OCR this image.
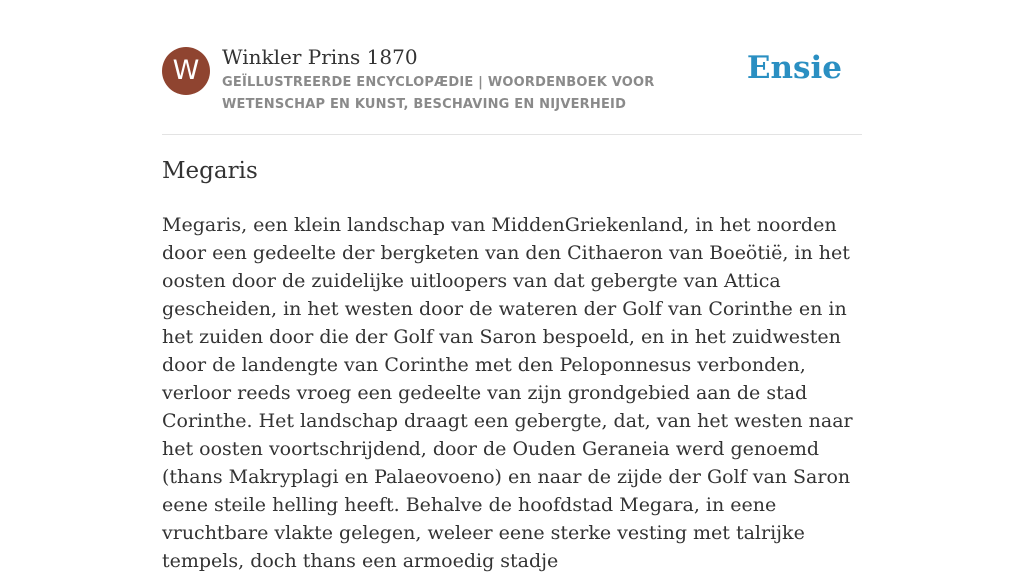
W	Winkler Prins 1870
GEÏLLUSTREERDE ENCYCLOPÆDIE | WOORDENBOEK VOOR WETENSCHAP EN KUNST, BESCHAVING EN NIJVERHEID
Ensie
Megaris

Megaris, een klein landschap van MiddenGriekenland, in het noorden door een gedeelte der bergketen van den Cithaeron van Boeötië, in het oosten door de zuidelijke uitloopers van dat gebergte van Attica gescheiden, in het westen door de wateren der Golf van Corinthe en in het zuiden door die der Golf van Saron bespoeld, en in het zuidwesten door de landengte van Corinthe met den Peloponnesus verbonden, verloor reeds vroeg een gedeelte van zijn grondgebied aan de stad Corinthe. Het landschap draagt een gebergte, dat, van het westen naar het oosten voortschrijdend, door de Ouden Geraneia werd genoemd (thans Makryplagi en Palaeovoeno) en naar de zijde der Golf van Saron eene steile helling heeft. Behalve de hoofdstad Megara, in eene vruchtbare vlakte gelegen, weleer eene sterke vesting met talrijke tempels, doch thans een armoedig stadje
